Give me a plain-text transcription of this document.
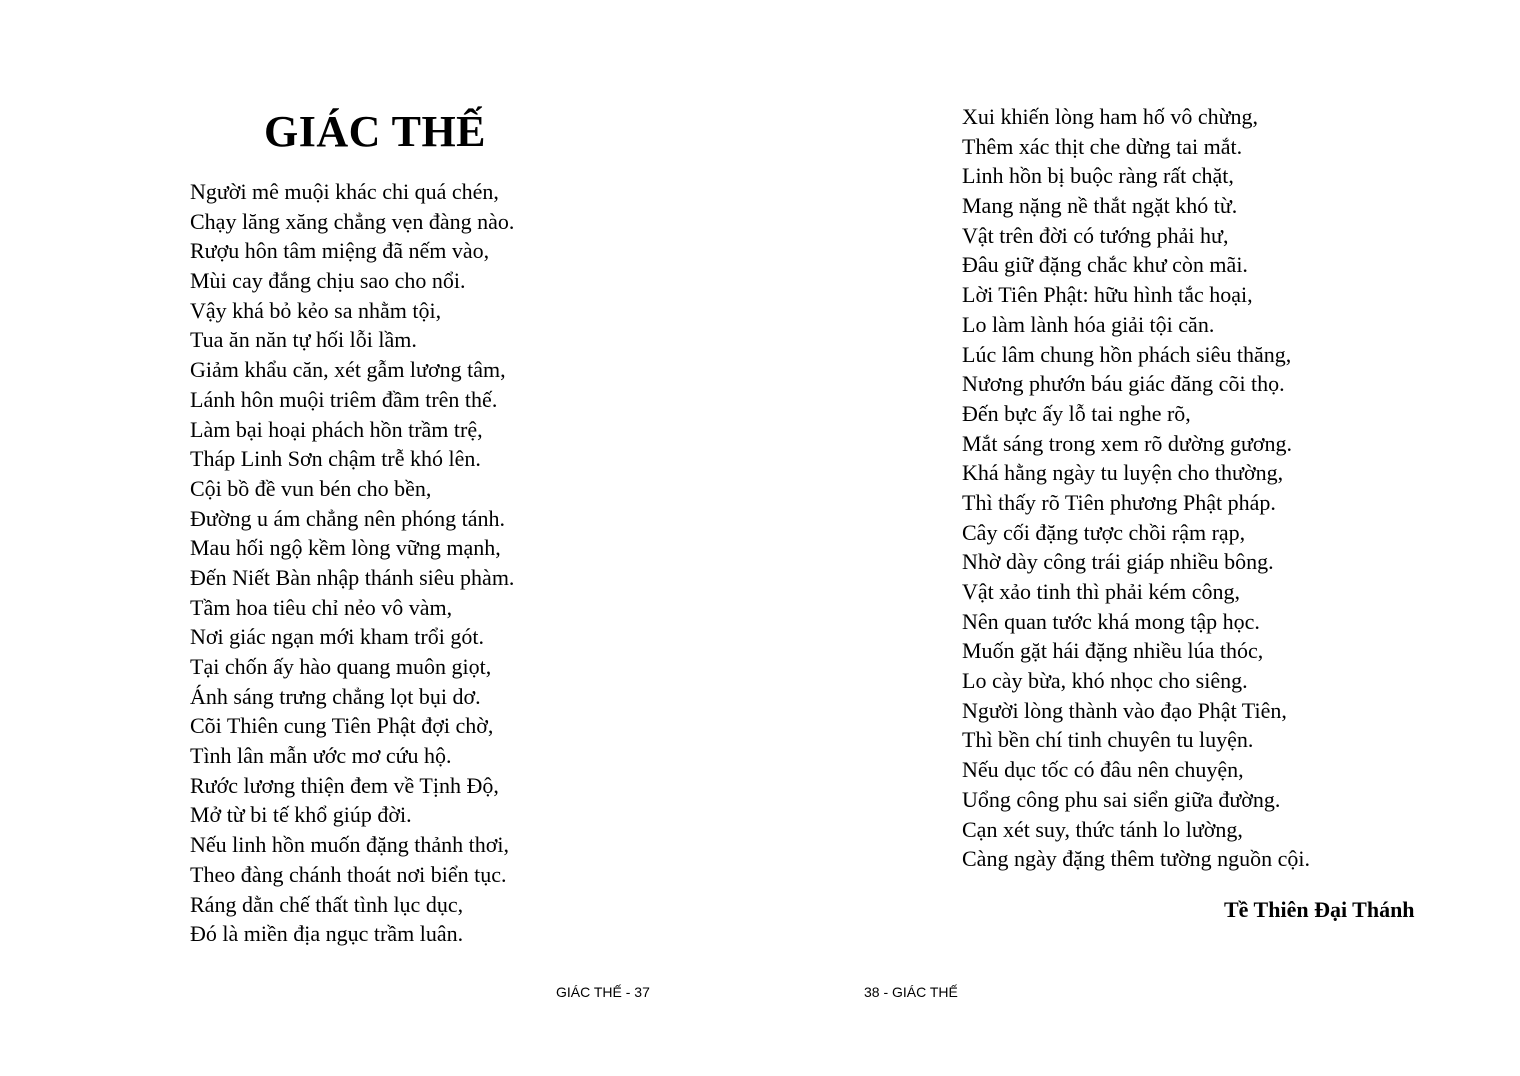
GIÁC THẾ
Người mê muội khác chi quá chén,
Chạy lăng xăng chẳng vẹn đàng nào.
Rượu hôn tâm miệng đã nếm vào,
Mùi cay đắng chịu sao cho nổi.
Vậy khá bỏ kẻo sa nhằm tội,
Tua ăn năn tự hối lỗi lầm.
Giảm khẩu căn, xét gẫm lương tâm,
Lánh hôn muội triêm đầm trên thế.
Làm bại hoại phách hồn trầm trệ,
Tháp Linh Sơn chậm trễ khó lên.
Cội bồ đề vun bén cho bền,
Đường u ám chẳng nên phóng tánh.
Mau hối ngộ kềm lòng vững mạnh,
Đến Niết Bàn nhập thánh siêu phàm.
Tầm hoa tiêu chỉ nẻo vô vàm,
Nơi giác ngạn mới kham trổi gót.
Tại chốn ấy hào quang muôn giọt,
Ánh sáng trưng chẳng lọt bụi dơ.
Cõi Thiên cung Tiên Phật đợi chờ,
Tình lân mẫn ước mơ cứu hộ.
Rước lương thiện đem về Tịnh Độ,
Mở từ bi tế khổ giúp đời.
Nếu linh hồn muốn đặng thảnh thơi,
Theo đàng chánh thoát nơi biển tục.
Ráng dằn chế thất tình lục dục,
Đó là miền địa ngục trầm luân.
GIÁC THẾ - 37
Xui khiến lòng ham hố vô chừng,
Thêm xác thịt che dừng tai mắt.
Linh hồn bị buộc ràng rất chặt,
Mang nặng nề thắt ngặt khó từ.
Vật trên đời có tướng phải hư,
Đâu giữ đặng chắc khư còn mãi.
Lời Tiên Phật: hữu hình tắc hoại,
Lo làm lành hóa giải tội căn.
Lúc lâm chung hồn phách siêu thăng,
Nương phướn báu giác đăng cõi thọ.
Đến bực ấy lỗ tai nghe rõ,
Mắt sáng trong xem rõ dường gương.
Khá hằng ngày tu luyện cho thường,
Thì thấy rõ Tiên phương Phật pháp.
Cây cối đặng tược chồi rậm rạp,
Nhờ dày công trái giáp nhiều bông.
Vật xảo tinh thì phải kém công,
Nên quan tước khá mong tập học.
Muốn gặt hái đặng nhiều lúa thóc,
Lo cày bừa, khó nhọc cho siêng.
Người lòng thành vào đạo Phật Tiên,
Thì bền chí tinh chuyên tu luyện.
Nếu dục tốc có đâu nên chuyện,
Uổng công phu sai siển giữa đường.
Cạn xét suy, thức tánh lo lường,
Càng ngày đặng thêm tường nguồn cội.
Tề Thiên Đại Thánh
38 - GIÁC THẾ
